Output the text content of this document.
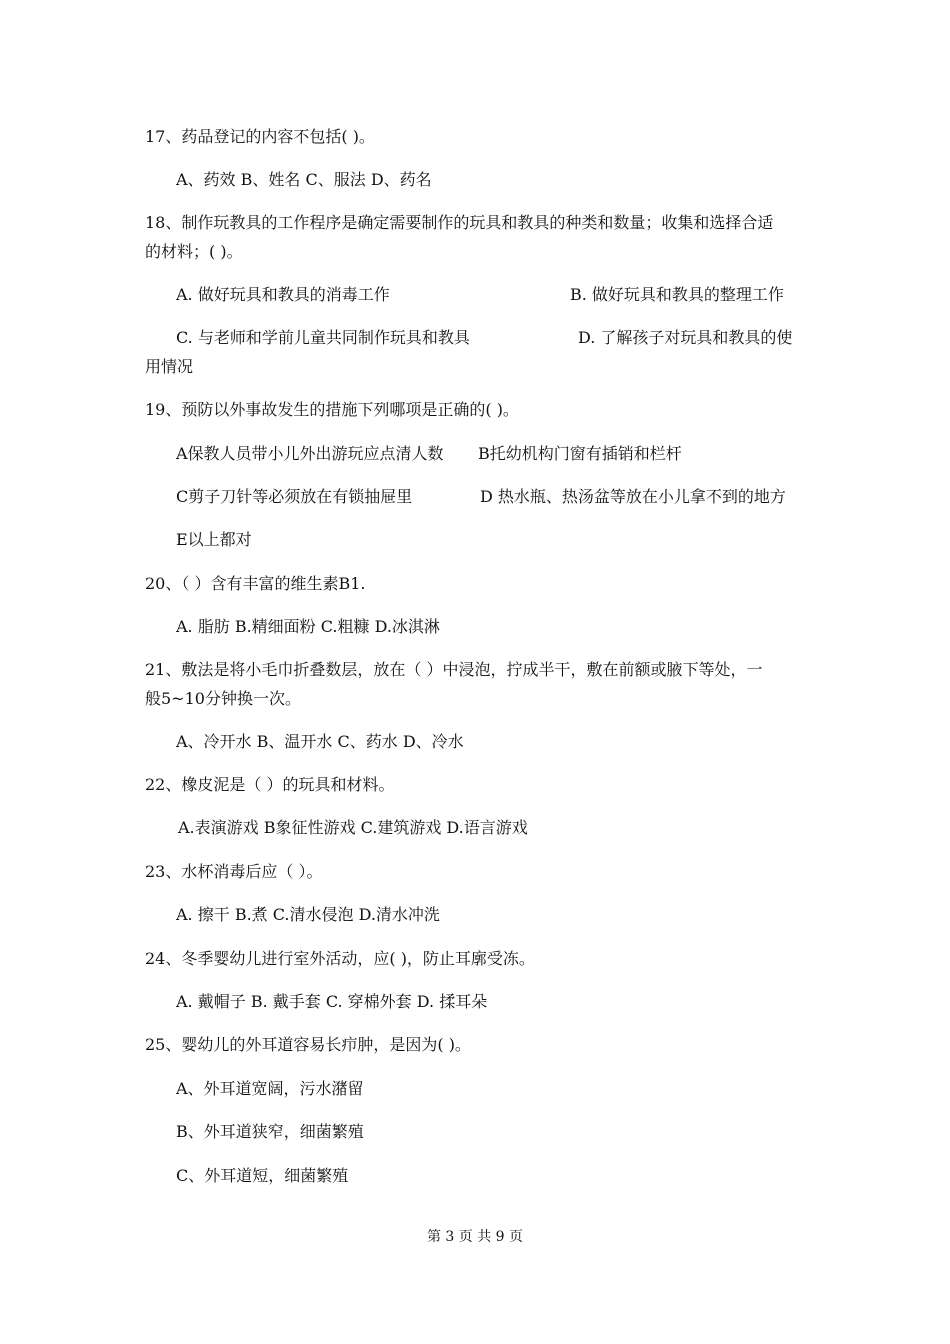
17、药品登记的内容不包括( )。
A、药效 B、姓名 C、服法 D、药名
18、制作玩教具的工作程序是确定需要制作的玩具和教具的种类和数量；收集和选择合适
的材料；( )。
A. 做好玩具和教具的消毒工作	B. 做好玩具和教具的整理工作
C. 与老师和学前儿童共同制作玩具和教具	D. 了解孩子对玩具和教具的使
用情况
19、预防以外事故发生的措施下列哪项是正确的( )。
A保教人员带小儿外出游玩应点清人数 B托幼机构门窗有插销和栏杆
C剪子刀针等必须放在有锁抽屉里	D 热水瓶、热汤盆等放在小儿拿不到的地方
E以上都对
20、（ ）含有丰富的维生素B1.
A. 脂肪 B.精细面粉 C.粗糠 D.冰淇淋
21、敷法是将小毛巾折叠数层，放在（ ）中浸泡，拧成半干，敷在前额或腋下等处，一
般5~10分钟换一次。
A、冷开水 B、温开水 C、药水 D、冷水
22、橡皮泥是（ ）的玩具和材料。
A.表演游戏 B象征性游戏 C.建筑游戏 D.语言游戏
23、水杯消毒后应（ ）。
A. 擦干 B.煮 C.清水侵泡 D.清水冲洗
24、冬季婴幼儿进行室外活动，应( )，防止耳廓受冻。
A. 戴帽子 B. 戴手套 C. 穿棉外套 D. 揉耳朵
25、婴幼儿的外耳道容易长疖肿，是因为( )。
A、外耳道宽阔，污水潴留
B、外耳道狭窄，细菌繁殖
C、外耳道短，细菌繁殖
第 3 页 共 9 页
